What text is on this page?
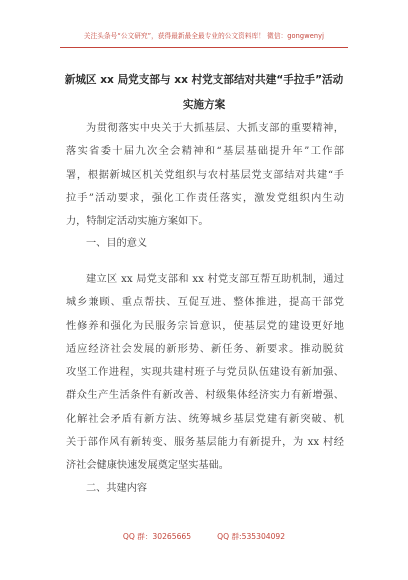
关注头条号“公文研究”，获得最新最全最专业的公文资料库！ 微信：gongwenyj
新城区 xx 局党支部与 xx 村党支部结对共建“手拉手”活动
实施方案
为贯彻落实中央关于大抓基层、大抓支部的重要精神，
落实省委十届九次全会精神和“基层基础提升年”工作部
署，根据新城区机关党组织与农村基层党支部结对共建“手
拉手”活动要求，强化工作责任落实，激发党组织内生动
力，特制定活动实施方案如下。
一、目的意义
建立区 xx 局党支部和 xx 村党支部互帮互助机制，通过
城乡兼顾、重点帮扶、互促互进、整体推进，提高干部党
性修养和强化为民服务宗旨意识，使基层党的建设更好地
适应经济社会发展的新形势、新任务、新要求。推动脱贫
攻坚工作进程，实现共建村班子与党员队伍建设有新加强、
群众生产生活条件有新改善、村级集体经济实力有新增强、
化解社会矛盾有新方法、统筹城乡基层党建有新突破、机
关于部作风有新转变、服务基层能力有新提升，为 xx 村经
济社会健康快速发展奠定坚实基础。
二、共建内容
QQ 群：30265665	QQ 群:535304092
